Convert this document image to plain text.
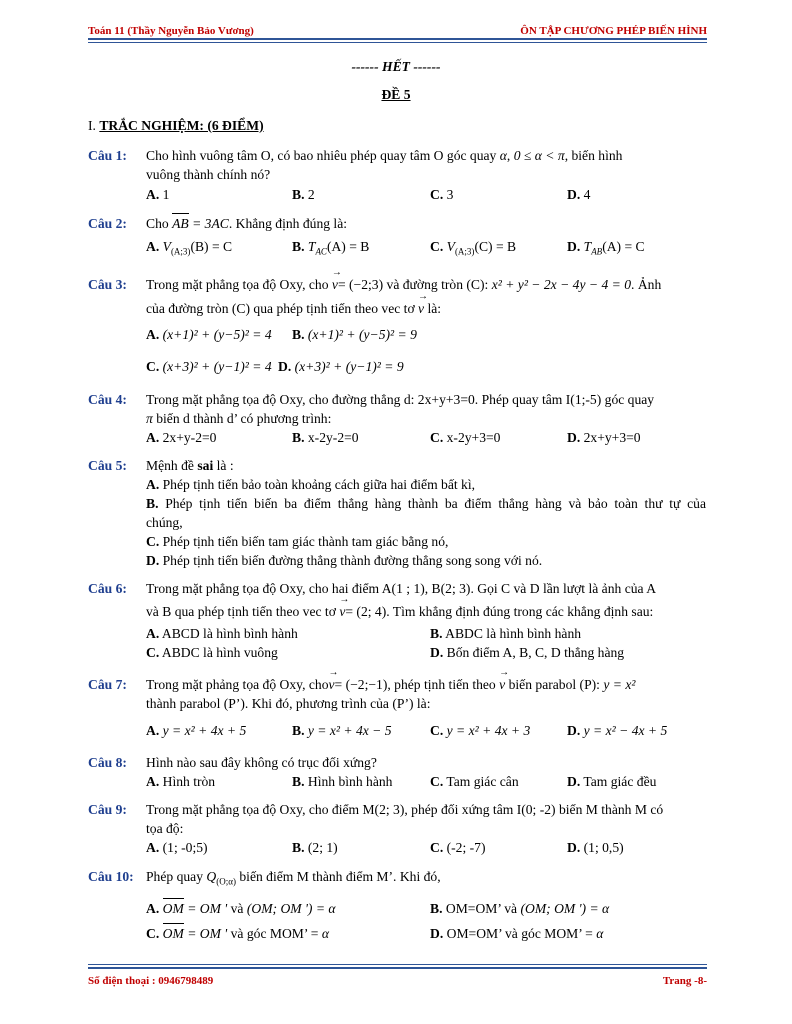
Toán 11 (Thầy Nguyễn Bảo Vương)	ÔN TẬP CHƯƠNG PHÉP BIẾN HÌNH
------ HẾT ------
ĐỀ 5
I. TRẮC NGHIỆM: (6 ĐIỂM)
Câu 1: Cho hình vuông tâm O, có bao nhiêu phép quay tâm O góc quay α, 0 ≤ α < π, biến hình
vuông thành chính nó?
A. 1	B. 2	C. 3	D. 4
Câu 2: Cho AB = 3AC. Khẳng định đúng là:
A. $V_{(A;3)}(B) = C$	B. $T_{AC}(A) = B$	C. $V_{(A;3)}(C) = B$	D. $T_{AB}(A) = C$
Câu 3: Trong mặt phẳng tọa độ Oxy, cho v →= (−2;3) và đường tròn (C): x² + y² − 2x − 4y − 4 = 0. Ảnh
của đường tròn (C) qua phép tịnh tiến theo vec tơ v → là:
A. (x+1)² + (y−5)² = 4 B. (x+1)² + (y−5)² = 9
C. (x+3)² + (y−1)² = 4 D. (x+3)² + (y−1)² = 9
Câu 4: Trong mặt phẳng tọa độ Oxy, cho đường thẳng d: 2x+y+3=0. Phép quay tâm I(1;-5) góc quay
π biến d thành d’ có phương trình:
A. 2x+y-2=0	B. x-2y-2=0	C. x-2y+3=0	D. 2x+y+3=0
Câu 5: Mệnh đề sai là :
A. Phép tịnh tiến bảo toàn khoảng cách giữa hai điểm bất kì,
B. Phép tịnh tiến biến ba điểm thẳng hàng thành ba điểm thẳng hàng và bảo toàn thư tự của
chúng,
C. Phép tịnh tiến biến tam giác thành tam giác bằng nó,
D. Phép tịnh tiến biến đường thẳng thành đường thẳng song song với nó.
Câu 6: Trong mặt phẳng tọa độ Oxy, cho hai điểm A(1 ; 1), B(2; 3). Gọi C và D lần lượt là ảnh của A
và B qua phép tịnh tiến theo vec tơ v →= (2; 4). Tìm khẳng định đúng trong các khẳng định sau:
A. ABCD là hình bình hành	B. ABDC là hình bình hành
C. ABDC là hình vuông	D. Bốn điểm A, B, C, D thẳng hàng
Câu 7: Trong mặt phảng tọa độ Oxy, chov →= (−2;−1), phép tịnh tiến theo v → biến parabol (P): y = x²
thành parabol (P’). Khi đó, phương trình của (P’) là:
A. y = x² + 4x + 5	B. y = x² + 4x − 5	C. y = x² + 4x + 3	D. y = x² − 4x + 5
Câu 8: Hình nào sau đây không có trục đối xứng?
A. Hình tròn	B. Hình bình hành	C. Tam giác cân	D. Tam giác đều
Câu 9: Trong mặt phẳng tọa độ Oxy, cho điểm M(2; 3), phép đối xứng tâm I(0; -2) biến M thành M có
tọa độ:
A. (1; -0;5)	B. (2; 1)	C. (-2; -7)	D. (1; 0,5)
Câu 10: Phép quay $Q_{(O;\alpha)}$ biến điểm M thành điểm M’. Khi đó,
A. OM = OM ' và (OM; OM ') = α	B. OM=OM’ và (OM; OM ') = α
C. OM = OM ' và góc MOM’ = α	D. OM=OM’ và góc MOM’ = α
Số điện thoại : 0946798489	Trang -8-
